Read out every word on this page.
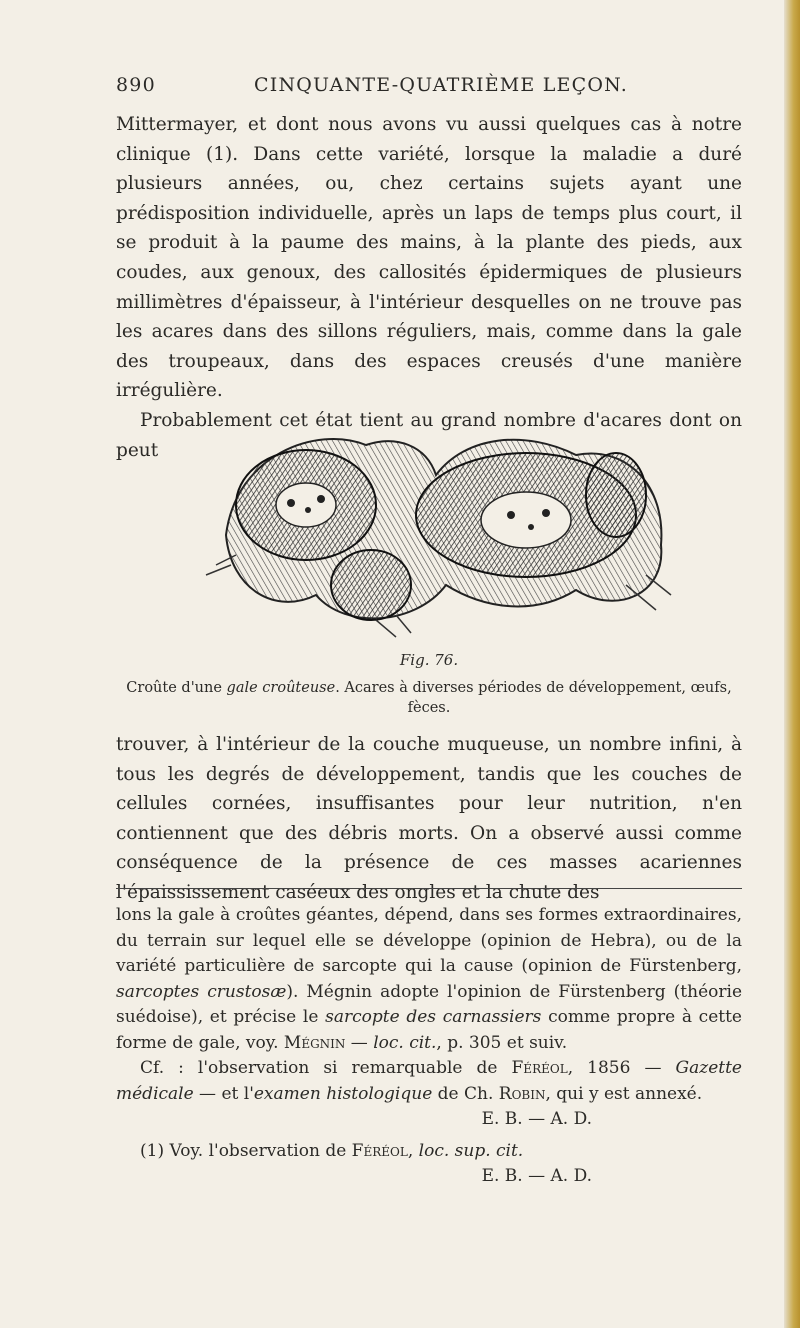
890	CINQUANTE-QUATRIÈME LEÇON.

Mittermayer, et dont nous avons vu aussi quelques cas à notre clinique (1). Dans cette variété, lorsque la maladie a duré plusieurs années, ou, chez certains sujets ayant une prédisposition individuelle, après un laps de temps plus court, il se produit à la paume des mains, à la plante des pieds, aux coudes, aux genoux, des callosités épidermiques de plusieurs millimètres d'épaisseur, à l'intérieur desquelles on ne trouve pas les acares dans des sillons réguliers, mais, comme dans la gale des troupeaux, dans des espaces creusés d'une manière irrégulière.

Probablement cet état tient au grand nombre d'acares dont on peut

Fig. 76.
Croûte d'une gale croûteuse. Acares à diverses périodes de développement, œufs, fèces.

trouver, à l'intérieur de la couche muqueuse, un nombre infini, à tous les degrés de développement, tandis que les couches de cellules cornées, insuffisantes pour leur nutrition, n'en contiennent que des débris morts. On a observé aussi comme conséquence de la présence de ces masses acariennes l'épaississement caséeux des ongles et la chute des

lons la gale à croûtes géantes, dépend, dans ses formes extraordinaires, du terrain sur lequel elle se développe (opinion de Hebra), ou de la variété particulière de sarcopte qui la cause (opinion de Fürstenberg, sarcoptes crustosæ). Mégnin adopte l'opinion de Fürstenberg (théorie suédoise), et précise le sarcopte des carnassiers comme propre à cette forme de gale, voy. Mégnin — loc. cit., p. 305 et suiv.

Cf. : l'observation si remarquable de Féréol, 1856 — Gazette médicale — et l'examen histologique de Ch. Robin, qui y est annexé.

E. B. — A. D.

(1) Voy. l'observation de Féréol, loc. sup. cit.

E. B. — A. D.
